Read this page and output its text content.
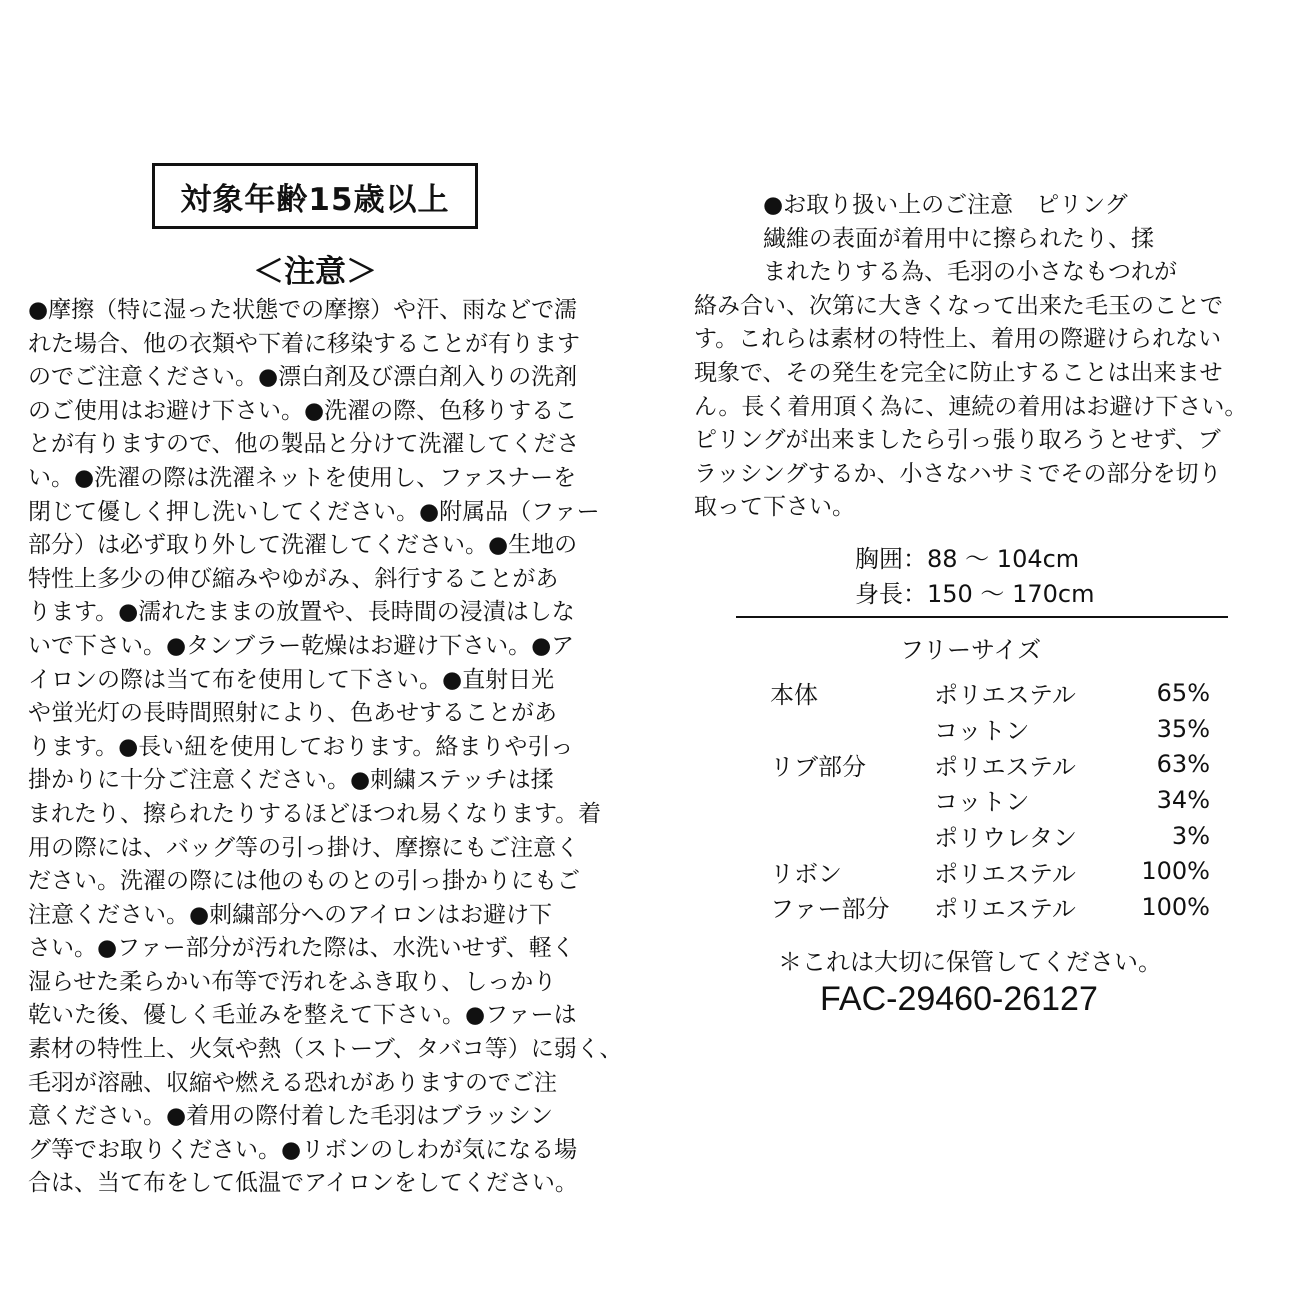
対象年齢15歳以上
＜注意＞
●摩擦（特に湿った状態での摩擦）や汗、雨などで濡
れた場合、他の衣類や下着に移染することが有ります
のでご注意ください。●漂白剤及び漂白剤入りの洗剤
のご使用はお避け下さい。●洗濯の際、色移りするこ
とが有りますので、他の製品と分けて洗濯してくださ
い。●洗濯の際は洗濯ネットを使用し、ファスナーを
閉じて優しく押し洗いしてください。●附属品（ファー
部分）は必ず取り外して洗濯してください。●生地の
特性上多少の伸び縮みやゆがみ、斜行することがあ
ります。●濡れたままの放置や、長時間の浸漬はしな
いで下さい。●タンブラー乾燥はお避け下さい。●ア
イロンの際は当て布を使用して下さい。●直射日光
や蛍光灯の長時間照射により、色あせすることがあ
ります。●長い紐を使用しております。絡まりや引っ
掛かりに十分ご注意ください。●刺繍ステッチは揉
まれたり、擦られたりするほどほつれ易くなります。着
用の際には、バッグ等の引っ掛け、摩擦にもご注意く
ださい。洗濯の際には他のものとの引っ掛かりにもご
注意ください。●刺繍部分へのアイロンはお避け下
さい。●ファー部分が汚れた際は、水洗いせず、軽く
湿らせた柔らかい布等で汚れをふき取り、しっかり
乾いた後、優しく毛並みを整えて下さい。●ファーは
素材の特性上、火気や熱（ストーブ、タバコ等）に弱く、
毛羽が溶融、収縮や燃える恐れがありますのでご注
意ください。●着用の際付着した毛羽はブラッシン
グ等でお取りください。●リボンのしわが気になる場
合は、当て布をして低温でアイロンをしてください。
　　　●お取り扱い上のご注意　ピリング
　　　繊維の表面が着用中に擦られたり、揉
　　　まれたりする為、毛羽の小さなもつれが
絡み合い、次第に大きくなって出来た毛玉のことで
す。これらは素材の特性上、着用の際避けられない
現象で、その発生を完全に防止することは出来ませ
ん。長く着用頂く為に、連続の着用はお避け下さい。
ピリングが出来ましたら引っ張り取ろうとせず、ブ
ラッシングするか、小さなハサミでその部分を切り
取って下さい。
胸囲：88 ～ 104cm
身長：150 ～ 170cm
フリーサイズ
本体	ポリエステル	65%
	コットン	35%
リブ部分	ポリエステル	63%
	コットン	34%
	ポリウレタン	3%
リボン	ポリエステル	100%
ファー部分	ポリエステル	100%
＊これは大切に保管してください。
FAC-29460-26127
